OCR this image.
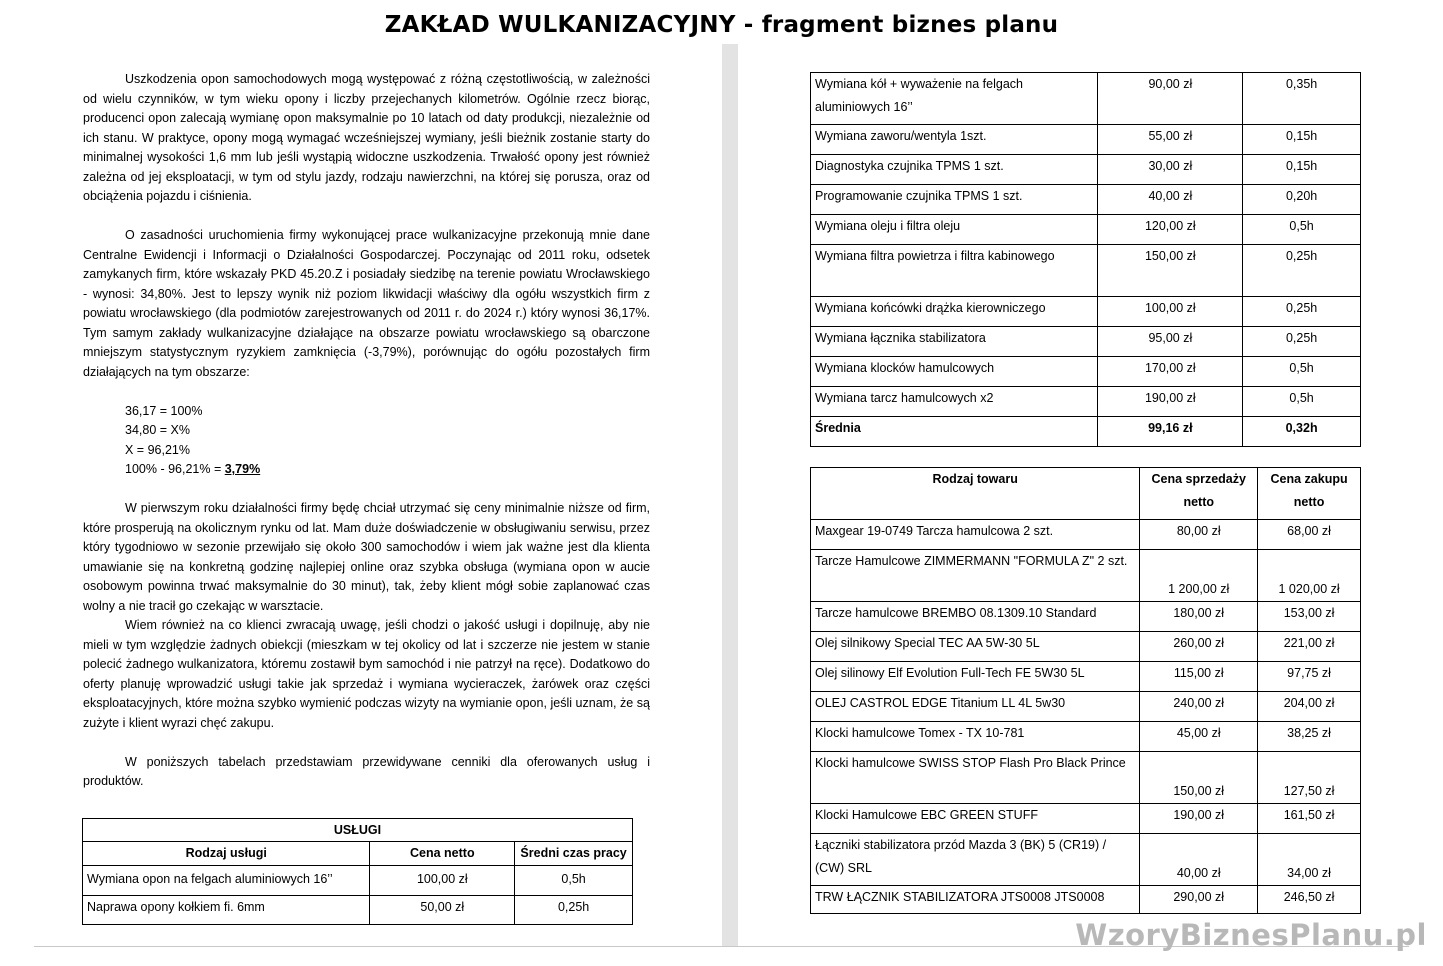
ZAKŁAD WULKANIZACYJNY - fragment biznes planu

Uszkodzenia opon samochodowych mogą występować z różną częstotliwością, w zależności od wielu czynników, w tym wieku opony i liczby przejechanych kilometrów. Ogólnie rzecz biorąc, producenci opon zalecają wymianę opon maksymalnie po 10 latach od daty produkcji, niezależnie od ich stanu. W praktyce, opony mogą wymagać wcześniejszej wymiany, jeśli bieżnik zostanie starty do minimalnej wysokości 1,6 mm lub jeśli wystąpią widoczne uszkodzenia. Trwałość opony jest również zależna od jej eksploatacji, w tym od stylu jazdy, rodzaju nawierzchni, na której się porusza, oraz od obciążenia pojazdu i ciśnienia.

O zasadności uruchomienia firmy wykonującej prace wulkanizacyjne przekonują mnie dane Centralne Ewidencji i Informacji o Działalności Gospodarczej. Poczynając od 2011 roku, odsetek zamykanych firm, które wskazały PKD 45.20.Z i posiadały siedzibę na terenie powiatu Wrocławskiego - wynosi: 34,80%. Jest to lepszy wynik niż poziom likwidacji właściwy dla ogółu wszystkich firm z powiatu wrocławskiego (dla podmiotów zarejestrowanych od 2011 r. do 2024 r.) który wynosi 36,17%. Tym samym zakłady wulkanizacyjne działające na obszarze powiatu wrocławskiego są obarczone mniejszym statystycznym ryzykiem zamknięcia (-3,79%), porównując do ogółu pozostałych firm działających na tym obszarze:

36,17 = 100%
34,80 = X%
X = 96,21%
100% - 96,21% = 3,79%

W pierwszym roku działalności firmy będę chciał utrzymać się ceny minimalnie niższe od firm, które prosperują na okolicznym rynku od lat. Mam duże doświadczenie w obsługiwaniu serwisu, przez który tygodniowo w sezonie przewijało się około 300 samochodów i wiem jak ważne jest dla klienta umawianie się na konkretną godzinę najlepiej online oraz szybka obsługa (wymiana opon w aucie osobowym powinna trwać maksymalnie do 30 minut), tak, żeby klient mógł sobie zaplanować czas wolny a nie tracił go czekając w warsztacie.

Wiem również na co klienci zwracają uwagę, jeśli chodzi o jakość usługi i dopilnuję, aby nie mieli w tym względzie żadnych obiekcji (mieszkam w tej okolicy od lat i szczerze nie jestem w stanie polecić żadnego wulkanizatora, któremu zostawił bym samochód i nie patrzył na ręce). Dodatkowo do oferty planuję wprowadzić usługi takie jak sprzedaż i wymiana wycieraczek, żarówek oraz części eksploatacyjnych, które można szybko wymienić podczas wizyty na wymianie opon, jeśli uznam, że są zużyte i klient wyrazi chęć zakupu.

W poniższych tabelach przedstawiam przewidywane cenniki dla oferowanych usług i produktów.

USŁUGI		
Rodzaj usługi	Cena netto	Średni czas pracy
Wymiana opon na felgach aluminiowych 16’’	100,00 zł	0,5h
Naprawa opony kołkiem fi. 6mm	50,00 zł	0,25h
Wymiana kół + wyważenie na felgach aluminiowych 16’’	90,00 zł	0,35h
Wymiana zaworu/wentyla 1szt.	55,00 zł	0,15h
Diagnostyka czujnika TPMS 1 szt.	30,00 zł	0,15h
Programowanie czujnika TPMS 1 szt.	40,00 zł	0,20h
Wymiana oleju i filtra oleju	120,00 zł	0,5h
Wymiana filtra powietrza i filtra kabinowego	150,00 zł	0,25h
Wymiana końcówki drążka kierowniczego	100,00 zł	0,25h
Wymiana łącznika stabilizatora	95,00 zł	0,25h
Wymiana klocków hamulcowych	170,00 zł	0,5h
Wymiana tarcz hamulcowych x2	190,00 zł	0,5h
Średnia	99,16 zł	0,32h
Rodzaj towaru	Cena sprzedaży netto	Cena zakupu netto
Maxgear 19-0749 Tarcza hamulcowa 2 szt.	80,00 zł	68,00 zł
Tarcze Hamulcowe ZIMMERMANN "FORMULA Z" 2 szt.	1 200,00 zł	1 020,00 zł
Tarcze hamulcowe BREMBO 08.1309.10 Standard	180,00 zł	153,00 zł
Olej silnikowy Special TEC AA 5W-30 5L	260,00 zł	221,00 zł
Olej silinowy Elf Evolution Full-Tech FE 5W30 5L	115,00 zł	97,75 zł
OLEJ CASTROL EDGE Titanium LL 4L 5w30	240,00 zł	204,00 zł
Klocki hamulcowe Tomex - TX 10-781	45,00 zł	38,25 zł
Klocki hamulcowe SWISS STOP Flash Pro Black Prince	150,00 zł	127,50 zł
Klocki Hamulcowe EBC GREEN STUFF	190,00 zł	161,50 zł
Łączniki stabilizatora przód Mazda 3 (BK) 5 (CR19) / (CW) SRL	40,00 zł	34,00 zł
TRW ŁĄCZNIK STABILIZATORA JTS0008 JTS0008	290,00 zł	246,50 zł
WzoryBiznesPlanu.pl
